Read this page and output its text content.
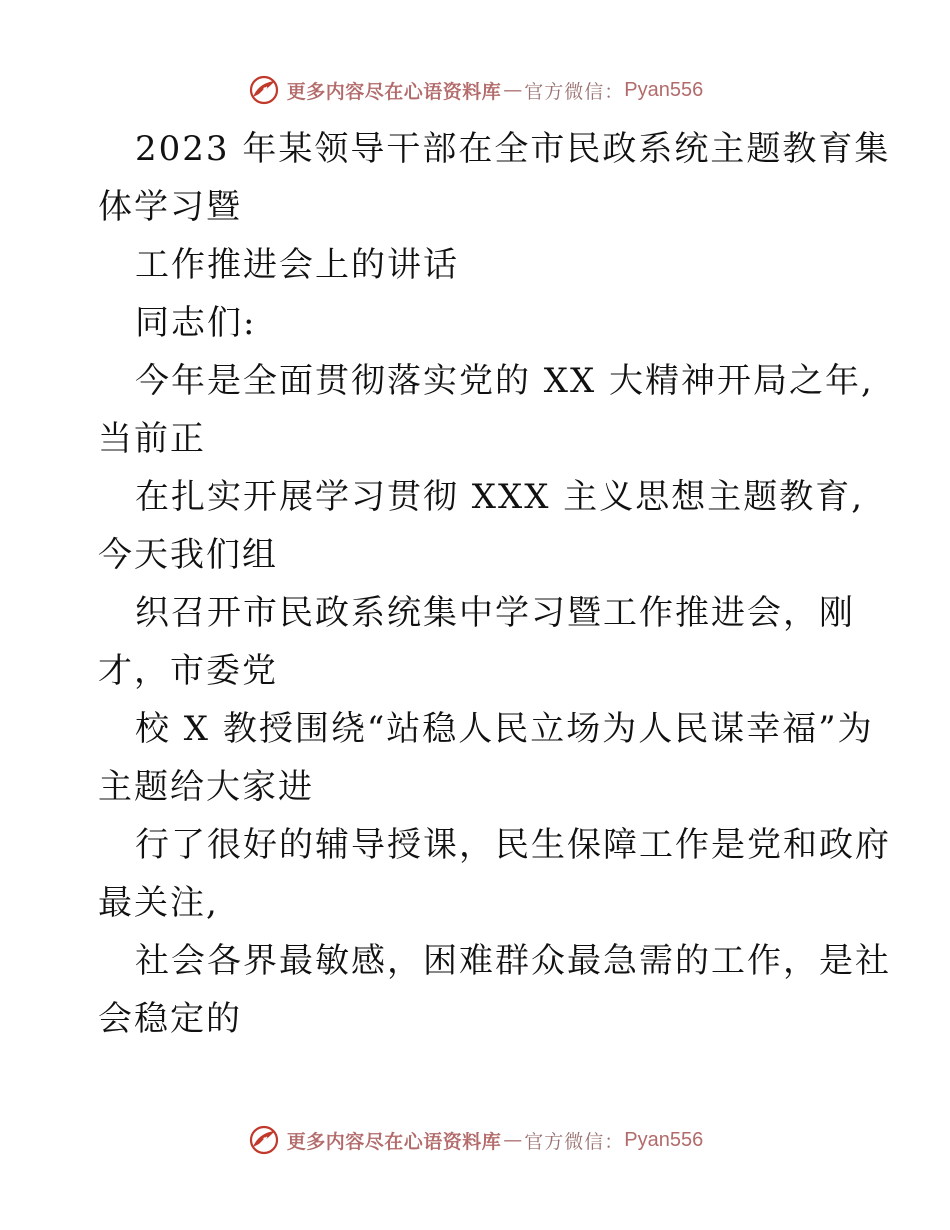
更多内容尽在心语资料库 — 官方微信： Pyan556
2023 年某领导干部在全市民政系统主题教育集
体学习暨
工作推进会上的讲话
同志们:
今年是全面贯彻落实党的 XX 大精神开局之年,
当前正
在扎实开展学习贯彻 XXX 主义思想主题教育,
今天我们组
织召开市民政系统集中学习暨工作推进会，刚
才，市委党
校 X 教授围绕“站稳人民立场为人民谋幸福”为
主题给大家进
行了很好的辅导授课，民生保障工作是党和政府
最关注,
社会各界最敏感，困难群众最急需的工作，是社
会稳定的
更多内容尽在心语资料库 — 官方微信： Pyan556
